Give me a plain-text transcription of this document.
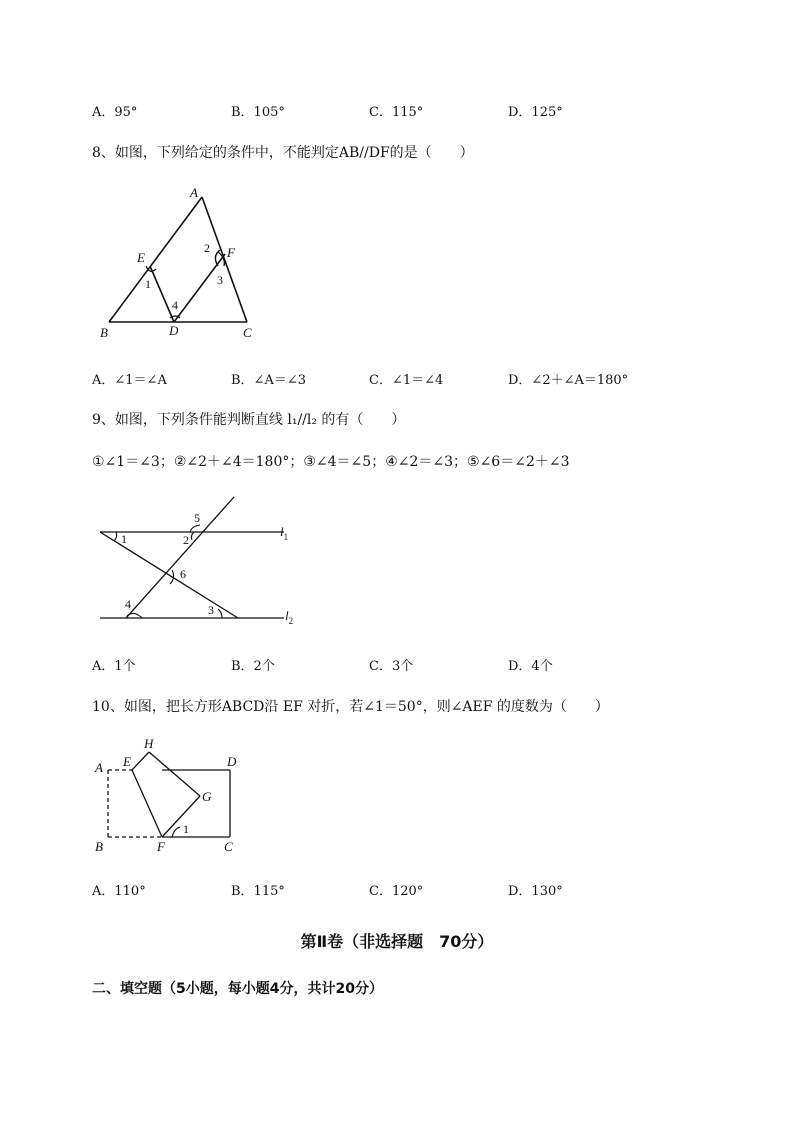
A．95°	B．105°	C．115°	D．125°
8、如图，下列给定的条件中，不能判定AB//DF的是（　　）
A
B	C
D
E	F
1
2
3
4
A．∠1＝∠A	B．∠A＝∠3	C．∠1＝∠4	D．∠2＋∠A＝180°
9、如图，下列条件能判断直线 l₁//l₂ 的有（　　）
①∠1＝∠3；②∠2＋∠4＝180°；③∠4＝∠5；④∠2＝∠3；⑤∠6＝∠2＋∠3
1	2
3
4
5
6
$l_1$
$l_2$
A．1个	B．2个	C．3个	D．4个
10、如图，把长方形ABCD沿 EF 对折，若∠1＝50°，则∠AEF 的度数为（　　）
A
B	C
D
E
F
G
H
1
A．110°	B．115°	C．120°	D．130°
第Ⅱ卷（非选择题　70分）
二、填空题（5小题，每小题4分，共计20分）
